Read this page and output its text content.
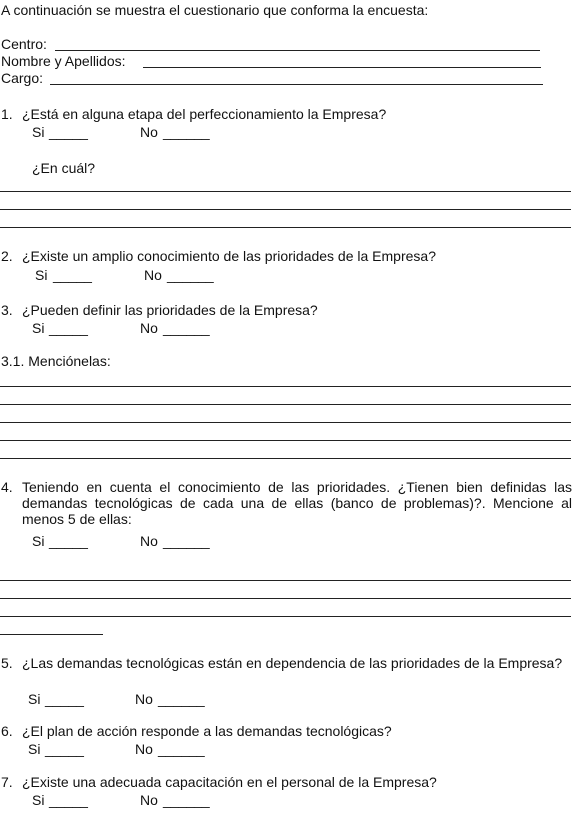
A continuación se muestra el cuestionario que conforma la encuesta:
Centro:
Nombre y Apellidos:
Cargo:
1. ¿Está en alguna etapa del perfeccionamiento la Empresa?
Si _____	No ______
¿En cuál?
2. ¿Existe un amplio conocimiento de las prioridades de la Empresa?
Si _____	No ______
3. ¿Pueden definir las prioridades de la Empresa?
Si _____	No ______
3.1. Menciónelas:
4. Teniendo en cuenta el conocimiento de las prioridades. ¿Tienen bien definidas las demandas tecnológicas de cada una de ellas (banco de problemas)?. Mencione al menos 5 de ellas:
Si _____	No ______
5. ¿Las demandas tecnológicas están en dependencia de las prioridades de la Empresa?
Si _____	No ______
6. ¿El plan de acción responde a las demandas tecnológicas?
Si _____	No ______
7. ¿Existe una adecuada capacitación en el personal de la Empresa?
Si _____	No ______
